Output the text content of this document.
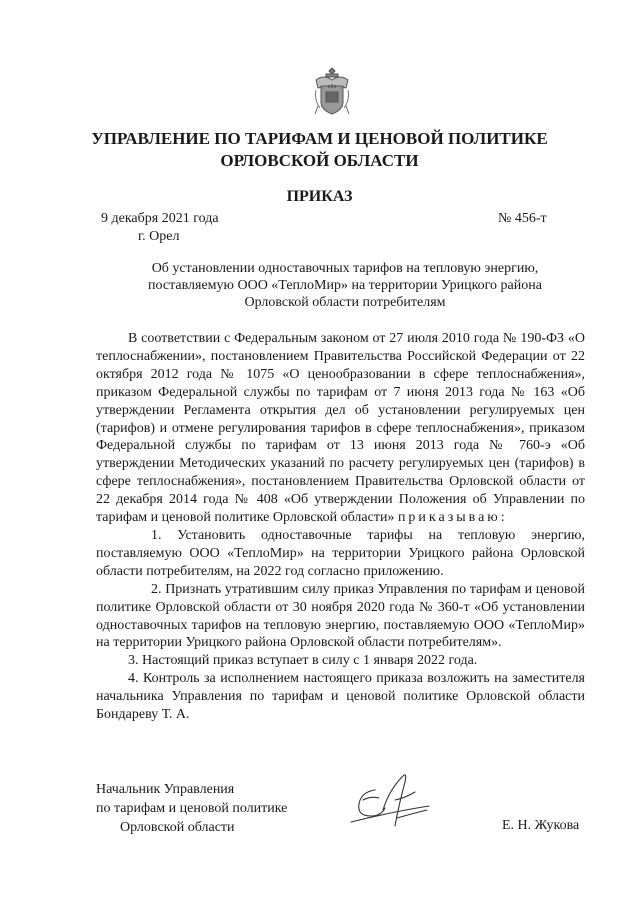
УПРАВЛЕНИЕ ПО ТАРИФАМ И ЦЕНОВОЙ ПОЛИТИКЕ
ОРЛОВСКОЙ ОБЛАСТИ
ПРИКАЗ
9 декабря 2021 года	№ 456-т
г. Орел
Об установлении одноставочных тарифов на тепловую энергию,
поставляемую ООО «ТеплоМир» на территории Урицкого района
Орловской области потребителям

В соответствии с Федеральным законом от 27 июля 2010 года № 190-ФЗ «О теплоснабжении», постановлением Правительства Российской Федерации от 22 октября 2012 года № 1075 «О ценообразовании в сфере теплоснабжения», приказом Федеральной службы по тарифам от 7 июня 2013 года № 163 «Об утверждении Регламента открытия дел об установлении регулируемых цен (тарифов) и отмене регулирования тарифов в сфере теплоснабжения», приказом Федеральной службы по тарифам от 13 июня 2013 года № 760-э «Об утверждении Методических указаний по расчету регулируемых цен (тарифов) в сфере теплоснабжения», постановлением Правительства Орловской области от 22 декабря 2014 года № 408 «Об утверждении Положения об Управлении по тарифам и ценовой политике Орловской области» приказываю:

1. Установить одноставочные тарифы на тепловую энергию, поставляемую ООО «ТеплоМир» на территории Урицкого района Орловской области потребителям, на 2022 год согласно приложению.

2. Признать утратившим силу приказ Управления по тарифам и ценовой политике Орловской области от 30 ноября 2020 года № 360-т «Об установлении одноставочных тарифов на тепловую энергию, поставляемую ООО «ТеплоМир» на территории Урицкого района Орловской области потребителям».

3. Настоящий приказ вступает в силу с 1 января 2022 года.

4. Контроль за исполнением настоящего приказа возложить на заместителя начальника Управления по тарифам и ценовой политике Орловской области Бондареву Т. А.

Начальник Управления
по тарифам и ценовой политике
Орловской области	Е. Н. Жукова
